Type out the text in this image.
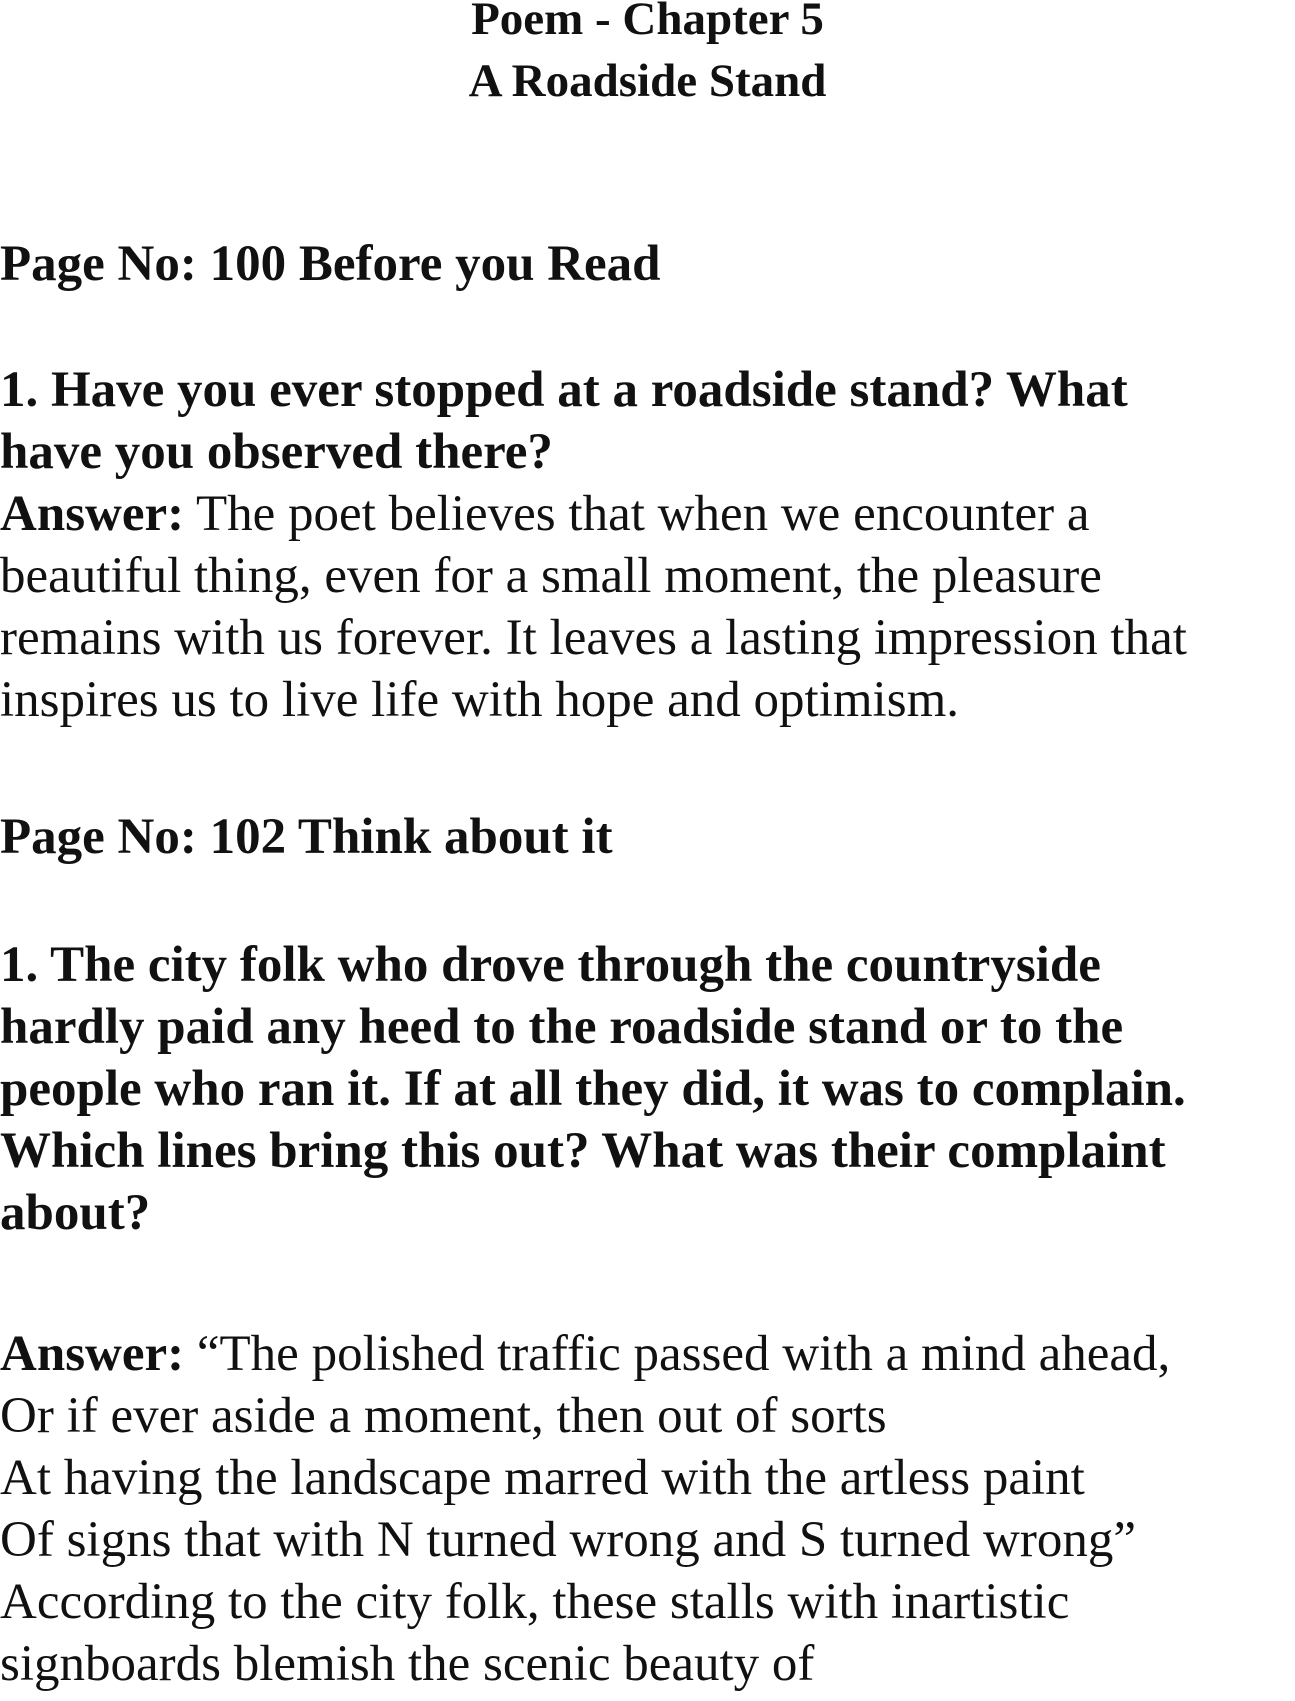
Poem - Chapter 5
A Roadside Stand

Page No: 100 Before you Read

1. Have you ever stopped at a roadside stand? What

have you observed there?

Answer: The poet believes that when we encounter a

beautiful thing, even for a small moment, the pleasure

remains with us forever. It leaves a lasting impression that

inspires us to live life with hope and optimism.

Page No: 102 Think about it

1. The city folk who drove through the countryside

hardly paid any heed to the roadside stand or to the

people who ran it. If at all they did, it was to complain.

Which lines bring this out? What was their complaint

about?

Answer: “The polished traffic passed with a mind ahead,

Or if ever aside a moment, then out of sorts

At having the landscape marred with the artless paint

Of signs that with N turned wrong and S turned wrong”

According to the city folk, these stalls with inartistic

signboards blemish the scenic beauty of
